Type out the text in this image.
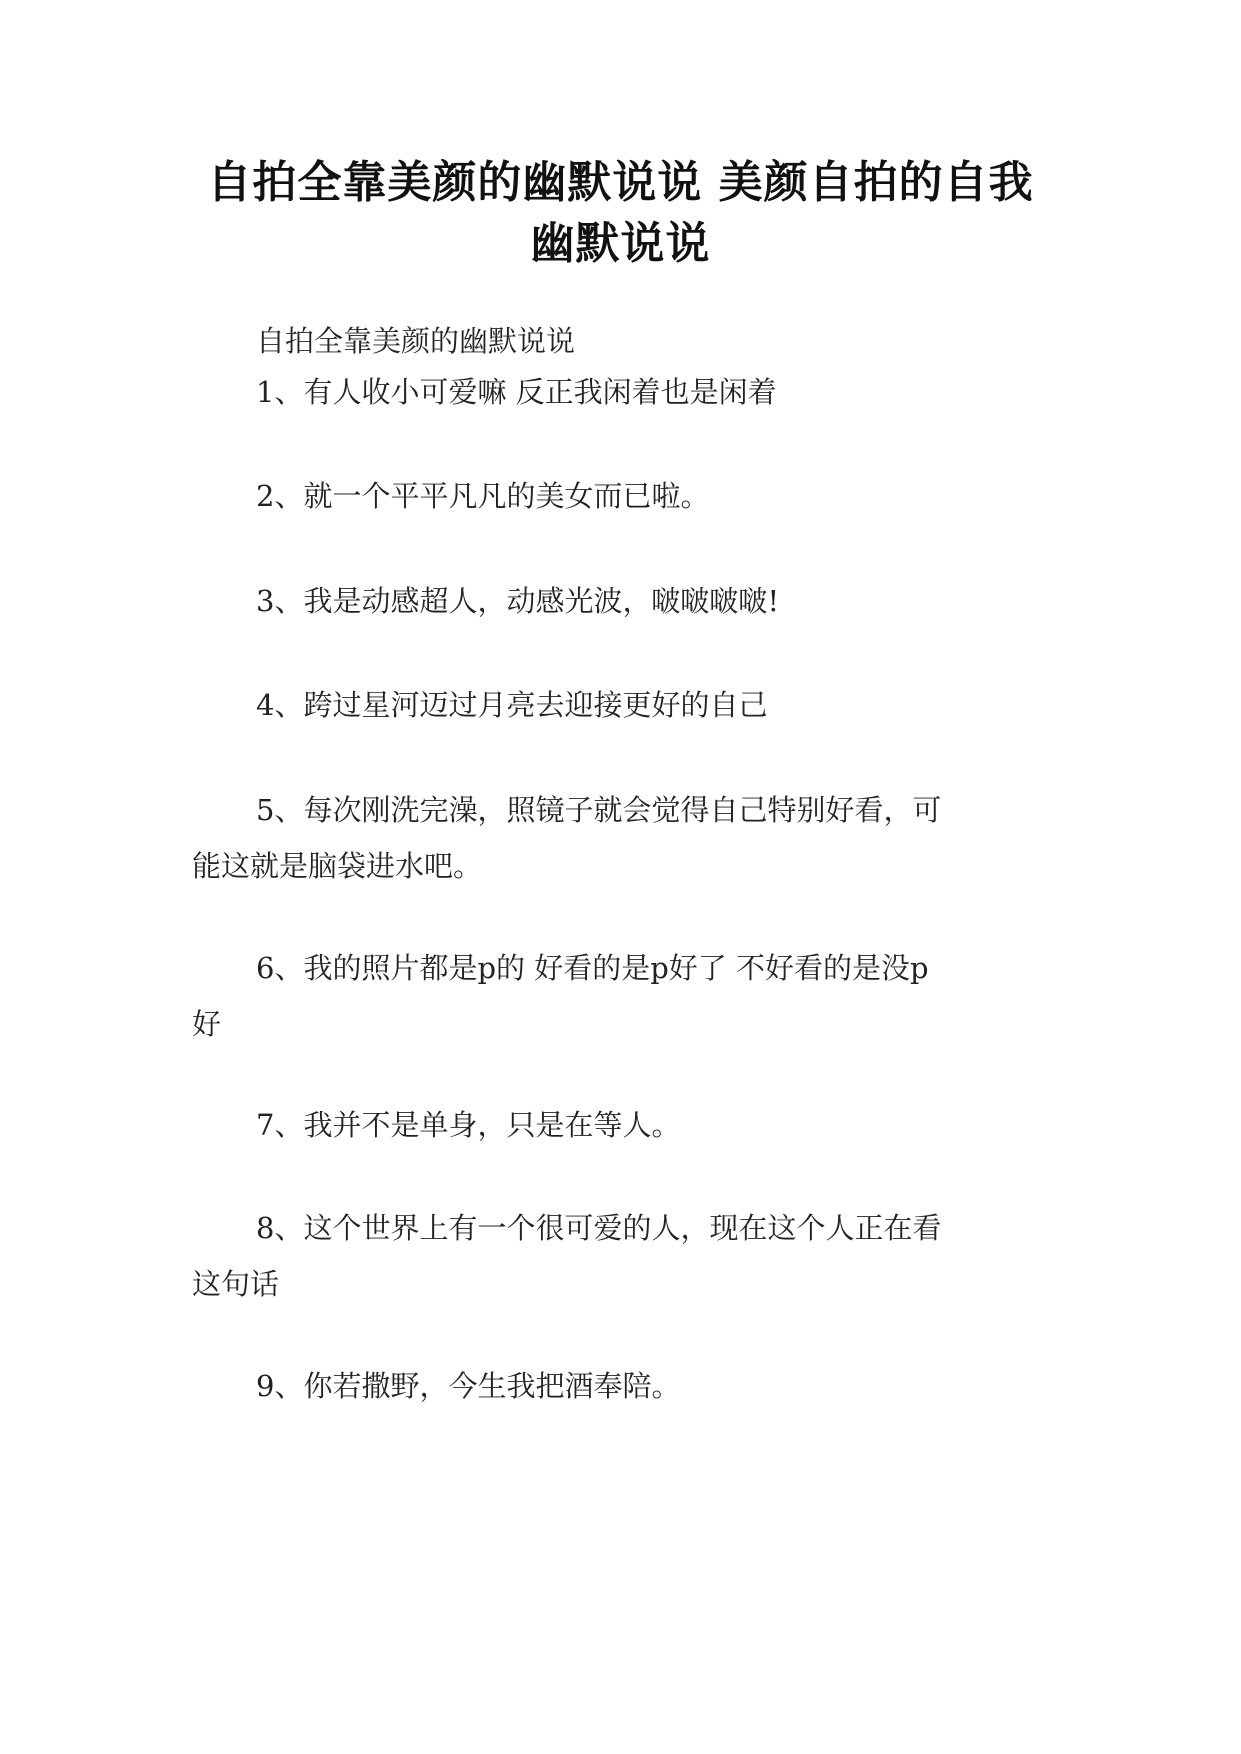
自拍全靠美颜的幽默说说 美颜自拍的自我
幽默说说
自拍全靠美颜的幽默说说
1、有人收小可爱嘛 反正我闲着也是闲着
2、就一个平平凡凡的美女而已啦。
3、我是动感超人，动感光波，啵啵啵啵!
4、跨过星河迈过月亮去迎接更好的自己
5、每次刚洗完澡，照镜子就会觉得自己特别好看，可
能这就是脑袋进水吧。
6、我的照片都是p的 好看的是p好了 不好看的是没p
好
7、我并不是单身，只是在等人。
8、这个世界上有一个很可爱的人，现在这个人正在看
这句话
9、你若撒野，今生我把酒奉陪。
